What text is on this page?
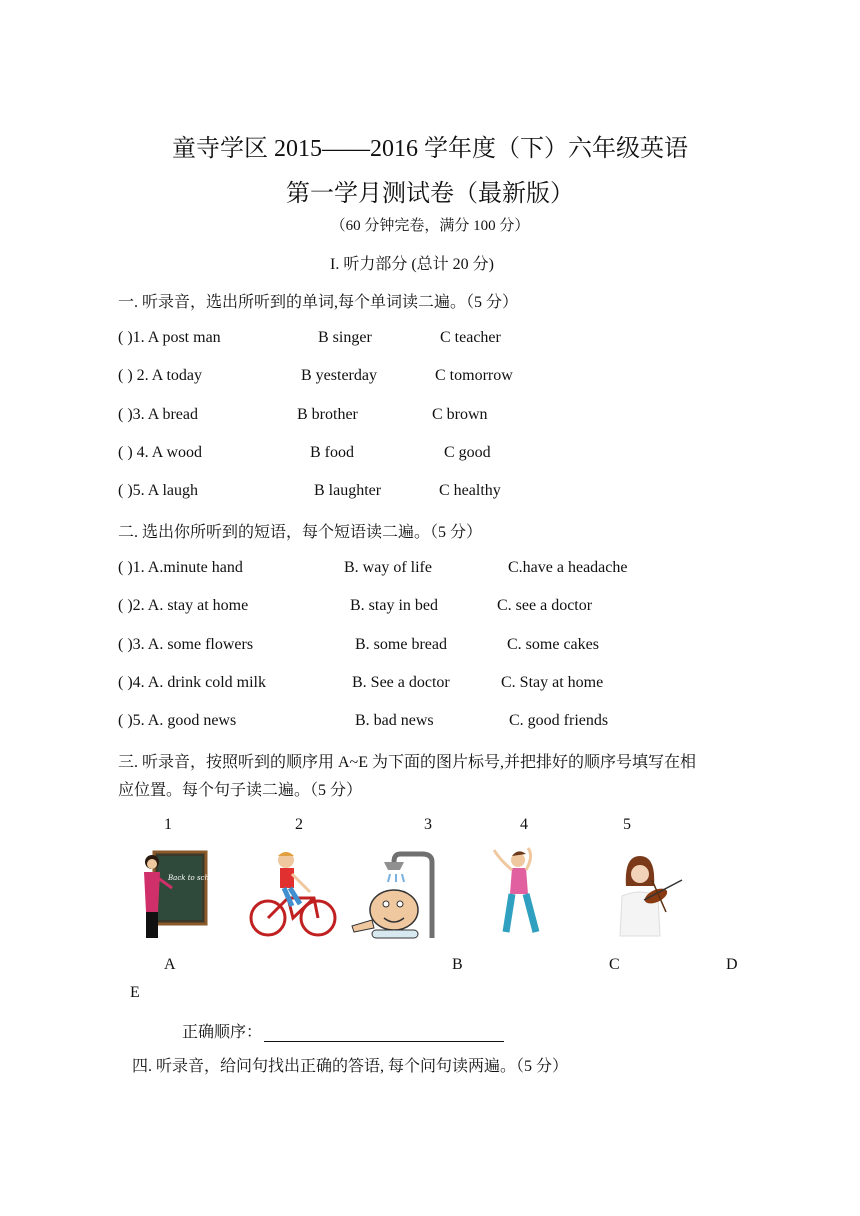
童寺学区 2015——2016 学年度（下）六年级英语
第一学月测试卷（最新版）
（60 分钟完卷，满分 100 分）
I. 听力部分 (总计 20 分)
一. 听录音，选出所听到的单词,每个单词读二遍。（5 分）
( )1. A post man	B singer	C teacher
( ) 2. A today	B yesterday	C tomorrow
( )3. A bread	B brother	C brown
( ) 4. A wood	B food	C good
( )5. A laugh	B laughter	C healthy
二. 选出你所听到的短语，每个短语读二遍。（5 分）
( )1. A.minute hand	B. way of life	C.have a headache
( )2. A. stay at home	B. stay in bed	C. see a doctor
( )3. A. some flowers	B. some bread	C. some cakes
( )4. A. drink cold milk	B. See a doctor	C. Stay at home
( )5. A. good news	B. bad news	C. good friends
三. 听录音，按照听到的顺序用 A~E 为下面的图片标号,并把排好的顺序号填写在相
应位置。每个句子读二遍。（5 分）
1	2	3	4	5
Back to school
A	B	C	D
E
正确顺序：
四. 听录音，给问句找出正确的答语, 每个问句读两遍。（5 分）
